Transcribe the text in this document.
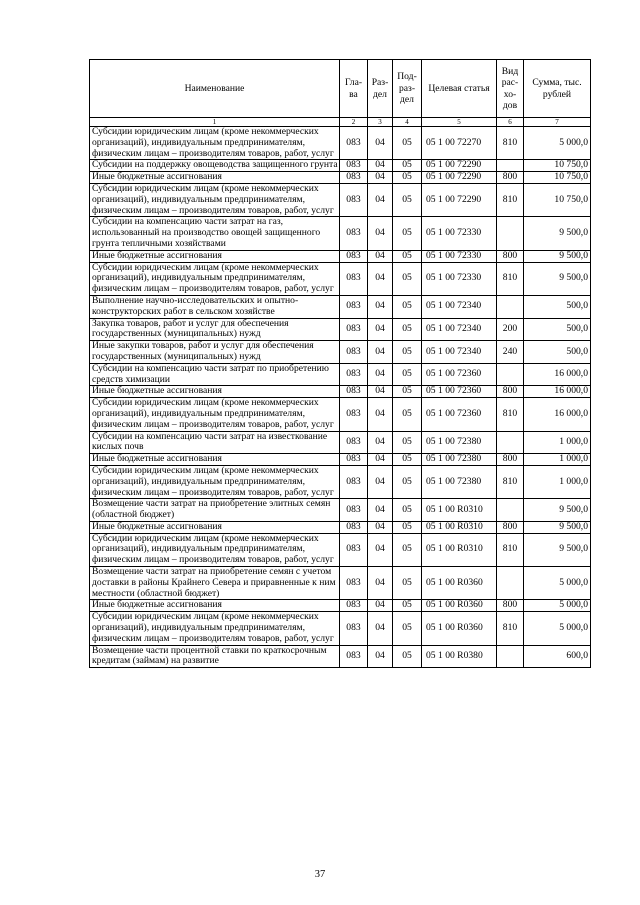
Наименование	Гла-ва	Раз-дел	Под-раз-дел	Целевая статья	Вид рас-хо-дов	Сумма, тыс. рублей
1	2	3	4	5	6	7
Субсидии юридическим лицам (кроме некоммерческих организаций), индивидуальным предпринимателям, физическим лицам – производителям товаров, работ, услуг	083	04	05	05 1 00 72270	810	5 000,0
Субсидии на поддержку овощеводства защищенного грунта	083	04	05	05 1 00 72290		10 750,0
Иные бюджетные ассигнования	083	04	05	05 1 00 72290	800	10 750,0
Субсидии юридическим лицам (кроме некоммерческих организаций), индивидуальным предпринимателям, физическим лицам – производителям товаров, работ, услуг	083	04	05	05 1 00 72290	810	10 750,0
Субсидии на компенсацию части затрат на газ, использованный на производство овощей защищенного грунта тепличными хозяйствами	083	04	05	05 1 00 72330		9 500,0
Иные бюджетные ассигнования	083	04	05	05 1 00 72330	800	9 500,0
Субсидии юридическим лицам (кроме некоммерческих организаций), индивидуальным предпринимателям, физическим лицам – производителям товаров, работ, услуг	083	04	05	05 1 00 72330	810	9 500,0
Выполнение научно-исследовательских и опытно-конструкторских работ в сельском хозяйстве	083	04	05	05 1 00 72340		500,0
Закупка товаров, работ и услуг для обеспечения государственных (муниципальных) нужд	083	04	05	05 1 00 72340	200	500,0
Иные закупки товаров, работ и услуг для обеспечения государственных (муниципальных) нужд	083	04	05	05 1 00 72340	240	500,0
Субсидии на компенсацию части затрат по приобретению средств химизации	083	04	05	05 1 00 72360		16 000,0
Иные бюджетные ассигнования	083	04	05	05 1 00 72360	800	16 000,0
Субсидии юридическим лицам (кроме некоммерческих организаций), индивидуальным предпринимателям, физическим лицам – производителям товаров, работ, услуг	083	04	05	05 1 00 72360	810	16 000,0
Субсидии на компенсацию части затрат на известкование кислых почв	083	04	05	05 1 00 72380		1 000,0
Иные бюджетные ассигнования	083	04	05	05 1 00 72380	800	1 000,0
Субсидии юридическим лицам (кроме некоммерческих организаций), индивидуальным предпринимателям, физическим лицам – производителям товаров, работ, услуг	083	04	05	05 1 00 72380	810	1 000,0
Возмещение части затрат на приобретение элитных семян (областной бюджет)	083	04	05	05 1 00 R0310		9 500,0
Иные бюджетные ассигнования	083	04	05	05 1 00 R0310	800	9 500,0
Субсидии юридическим лицам (кроме некоммерческих организаций), индивидуальным предпринимателям, физическим лицам – производителям товаров, работ, услуг	083	04	05	05 1 00 R0310	810	9 500,0
Возмещение части затрат на приобретение семян с учетом доставки в районы Крайнего Севера и приравненные к ним местности (областной бюджет)	083	04	05	05 1 00 R0360		5 000,0
Иные бюджетные ассигнования	083	04	05	05 1 00 R0360	800	5 000,0
Субсидии юридическим лицам (кроме некоммерческих организаций), индивидуальным предпринимателям, физическим лицам – производителям товаров, работ, услуг	083	04	05	05 1 00 R0360	810	5 000,0
Возмещение части процентной ставки по краткосрочным кредитам (займам) на развитие	083	04	05	05 1 00 R0380		600,0
37
